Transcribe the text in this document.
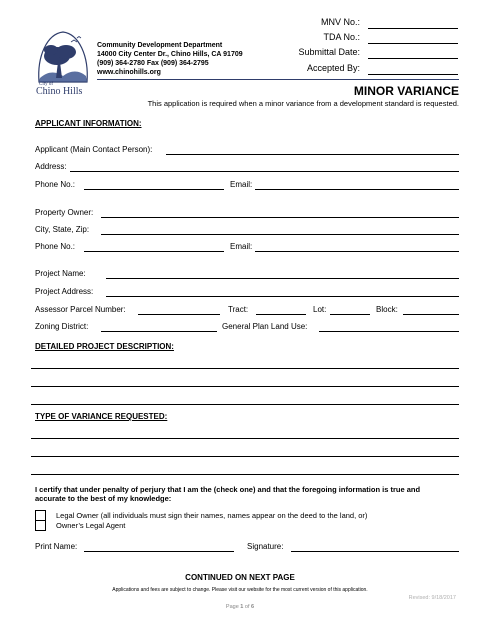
City of
Chino Hills
Community Development Department
14000 City Center Dr., Chino Hills, CA 91709
(909) 364-2780 Fax (909) 364-2795
www.chinohills.org
MNV No.:
TDA No.:
Submittal Date:
Accepted By:
MINOR VARIANCE
This application is required when a minor variance from a development standard is requested.
APPLICANT INFORMATION:
Applicant (Main Contact Person):
Address:
Phone No.:	Email:
Property Owner:
City, State, Zip:
Phone No.:	Email:
Project Name:
Project Address:
Assessor Parcel Number:	Tract:	Lot:	Block:
Zoning District:	General Plan Land Use:
DETAILED PROJECT DESCRIPTION:
TYPE OF VARIANCE REQUESTED:
I certify that under penalty of perjury that I am the (check one) and that the foregoing information is true and
accurate to the best of my knowledge:
Legal Owner (all individuals must sign their names, names appear on the deed to the land, or)
Owner’s Legal Agent
Print Name:	Signature:
CONTINUED ON NEXT PAGE
Applications and fees are subject to change. Please visit our website for the most current version of this application.
Revised: 9/18/2017
Page 1 of 6
